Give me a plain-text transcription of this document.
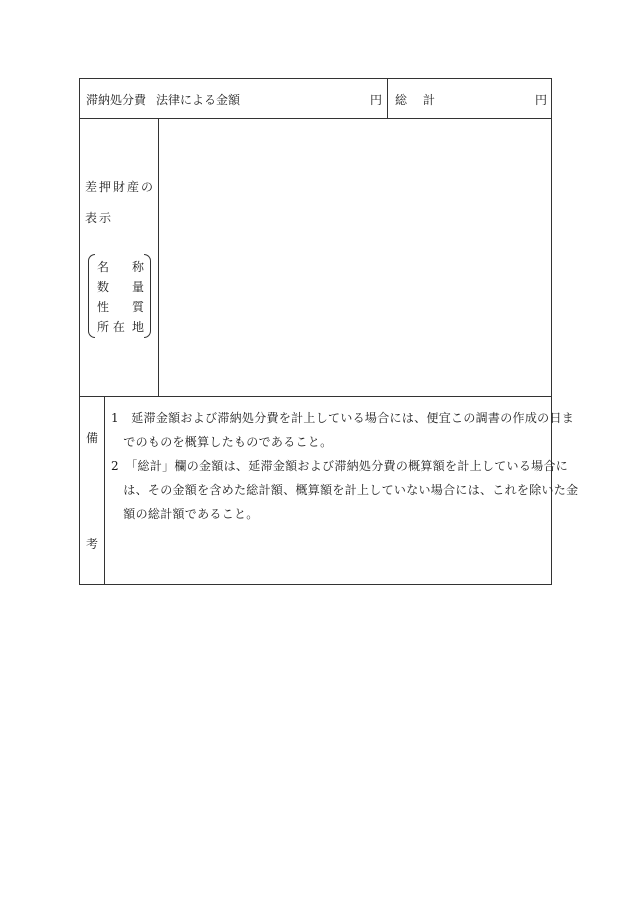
滞納処分費 法律による金額	円 総　計	円
差押財産の
表示
名 称
数 量
性 質
所 在 地
備
考
1　延滞金額および滞納処分費を計上している場合には、便宜この調書の作成の日ま
　でのものを概算したものであること。
2　「総計」欄の金額は、延滞金額および滞納処分費の概算額を計上している場合に
　は、その金額を含めた総計額、概算額を計上していない場合には、これを除いた金
　額の総計額であること。
